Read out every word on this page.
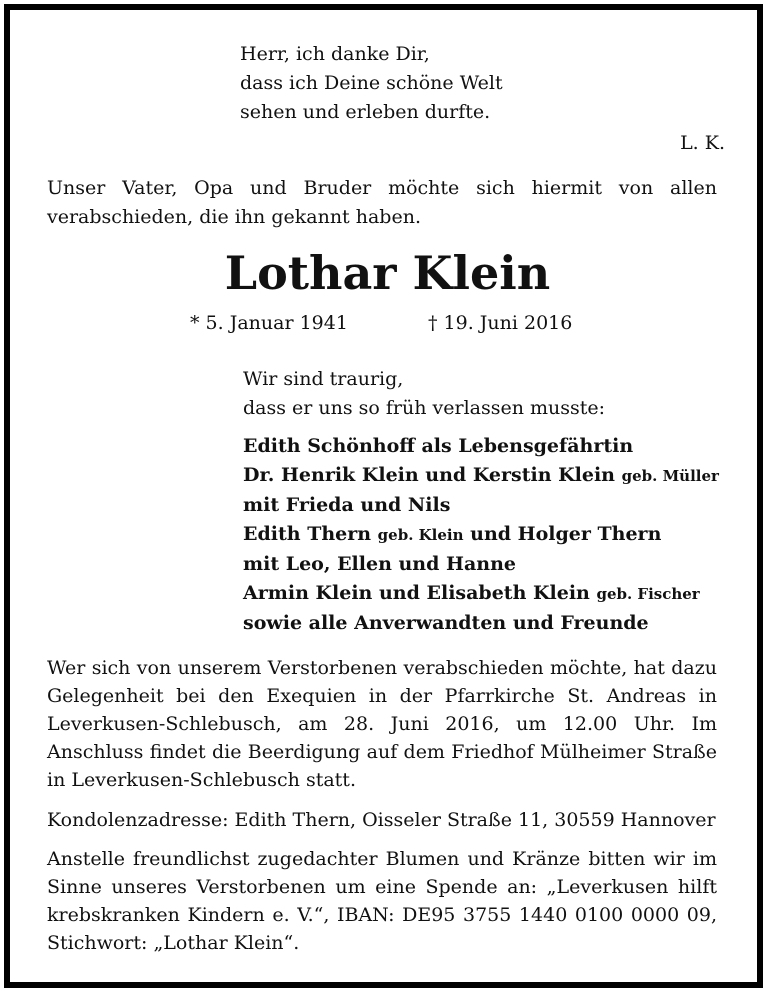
Herr, ich danke Dir,
dass ich Deine schöne Welt
sehen und erleben durfte.
L. K.
Unser Vater, Opa und Bruder möchte sich hiermit von allen verabschieden, die ihn gekannt haben.
Lothar Klein
* 5. Januar 1941	† 19. Juni 2016
Wir sind traurig,
dass er uns so früh verlassen musste:
Edith Schönhoff als Lebensgefährtin
Dr. Henrik Klein und Kerstin Klein geb. Müller
mit Frieda und Nils
Edith Thern geb. Klein und Holger Thern
mit Leo, Ellen und Hanne
Armin Klein und Elisabeth Klein geb. Fischer
sowie alle Anverwandten und Freunde
Wer sich von unserem Verstorbenen verabschieden möchte, hat dazu Gelegenheit bei den Exequien in der Pfarrkirche St. Andreas in Leverkusen-Schlebusch, am 28. Juni 2016, um 12.00 Uhr. Im Anschluss findet die Beerdigung auf dem Friedhof Mülheimer Straße in Leverkusen-Schlebusch statt.
Kondolenzadresse: Edith Thern, Oisseler Straße 11, 30559 Hannover
Anstelle freundlichst zugedachter Blumen und Kränze bitten wir im Sinne unseres Verstorbenen um eine Spende an: „Leverkusen hilft krebskranken Kindern e. V.“, IBAN: DE95 3755 1440 0100 0000 09, Stichwort: „Lothar Klein“.
